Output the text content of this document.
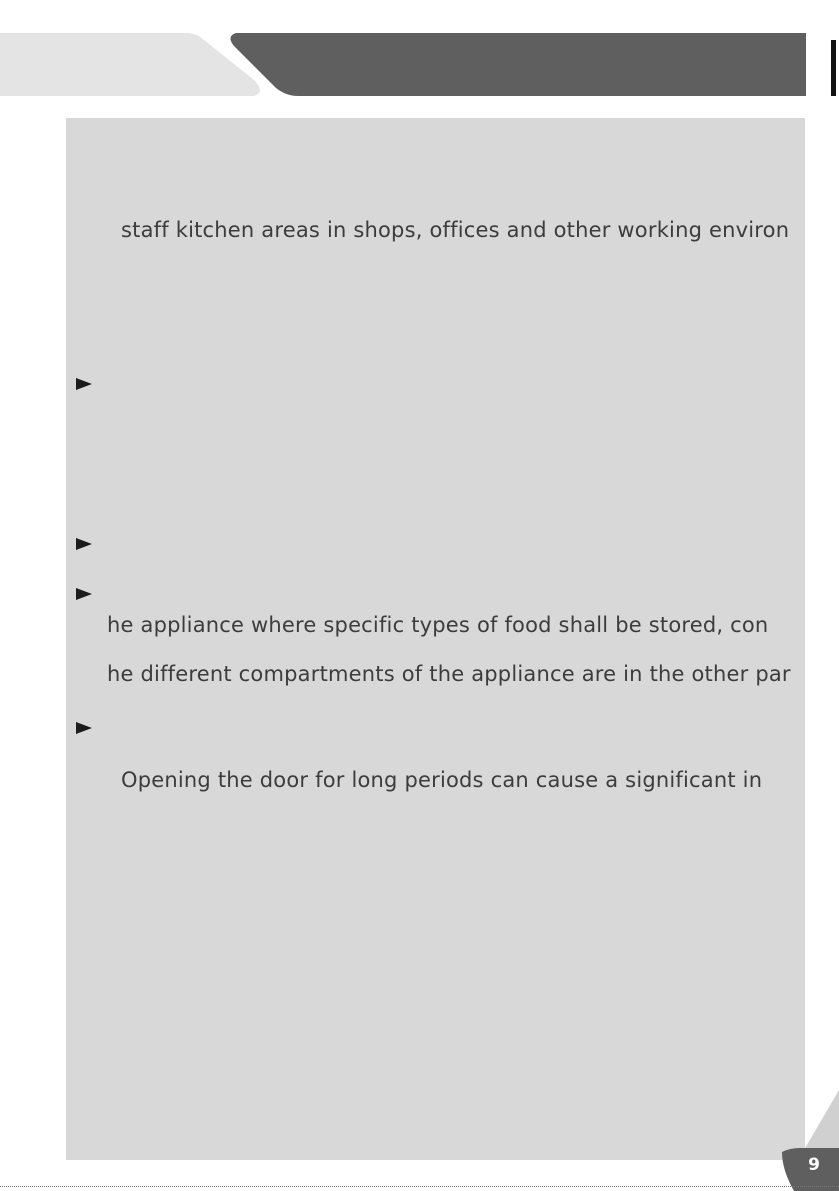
staff kitchen areas in shops, offices and other working environ
he appliance where specific types of food shall be stored, con
he different compartments of the appliance are in the other par
Opening the door for long periods can cause a significant in
9
